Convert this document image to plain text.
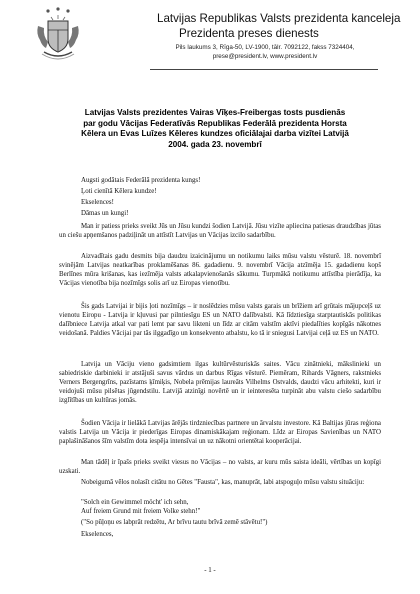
Latvijas Republikas Valsts prezidenta kanceleja
Prezidenta preses dienests
Pils laukums 3, Rīga-50, LV-1900, tālr. 7092122, fakss 7324404,
prese@president.lv, www.president.lv
Latvijas Valsts prezidentes Vairas Vīķes-Freibergas tosts pusdienās
par godu Vācijas Federatīvās Republikas Federālā prezidenta Horsta
Kēlera un Evas Luīzes Kēleres kundzes oficiālajai darba vizītei Latvijā
2004. gada 23. novembrī
Augsti godātais Federālā prezidenta kungs!
Ļoti cienītā Kēlera kundze!
Ekselences!
Dāmas un kungi!
Man ir patiess prieks sveikt Jūs un Jūsu kundzi šodien Latvijā. Jūsu vizīte apliecina patiesas draudzības jūtas un ciešu apņemšanos padziļināt un attīstīt Latvijas un Vācijas izcilo sadarbību.
Aizvadītais gadu desmits bija daudzu izaicinājumu un notikumu laiks mūsu valstu vēsturē. 18. novembrī svinējām Latvijas neatkarības proklamēšanas 86. gadadienu. 9. novembrī Vācija atzīmēja 15. gadadienu kopš Berlīnes mūra krišanas, kas iezīmēja valsts atkalapvienošanās sākumu. Turpmākā notikumu attīstība pierādīja, ka Vācijas vienotība bija nozīmīgs solis arī uz Eiropas vienotību.
Šis gads Latvijai ir bijis ļoti nozīmīgs – ir noslēdzies mūsu valsts garais un brīžiem arī grūtais mājupceļš uz vienotu Eiropu - Latvija ir kļuvusi par pilntiesīgu ES un NATO dalībvalsti. Kā līdztiesīga starptautiskās politikas dalībniece Latvija atkal var pati lemt par savu likteni un līdz ar citām valstīm aktīvi piedalīties kopīgās nākotnes veidošanā. Paldies Vācijai par tās ilggadīgo un konsekvento atbalstu, ko tā ir sniegusi Latvijai ceļā uz ES un NATO.
Latvija un Vāciju vieno gadsimtiem ilgas kultūrvēsturiskās saites. Vācu zinātnieki, mākslinieki un sabiedriskie darbinieki ir atstājuši savus vārdus un darbus Rīgas vēsturē. Piemēram, Rihards Vāgners, rakstnieks Verners Bergengrīns, pazīstams ķīmiķis, Nobela prēmijas laureāts Vilhelms Ostvalds, daudzi vācu arhitekti, kuri ir veidojuši mūsu pilsētas jūgendstilu. Latvijā atzinīgi novērtē un ir ieinteresēta turpināt abu valstu ciešo sadarbību izglītības un kultūras jomās.
Šodien Vācija ir lielākā Latvijas ārējās tirdzniecības partnere un ārvalstu investore. Kā Baltijas jūras reģiona valstis Latvija un Vācija ir piederīgas Eiropas dinamiskākajam reģionam. Līdz ar Eiropas Savienības un NATO paplašināšanos šīm valstīm dota iespēja intensīvai un uz nākotni orientētai kooperācijai.
Man tādēļ ir īpašs prieks sveikt viesus no Vācijas – no valsts, ar kuru mūs saista ideāli, vērtības un kopīgi uzskati.
Nobeigumā vēlos nolasīt citātu no Gētes "Fausta", kas, manuprāt, labi atspoguļo mūsu valstu situāciju:
"Solch ein Gewimmel möcht' ich sehn,
Auf freiem Grund mit freiem Volke stehn!"
("So pūļoņu es labprāt redzētu, Ar brīvu tautu brīvā zemē stāvētu!")
Ekselences,
- 1 -
